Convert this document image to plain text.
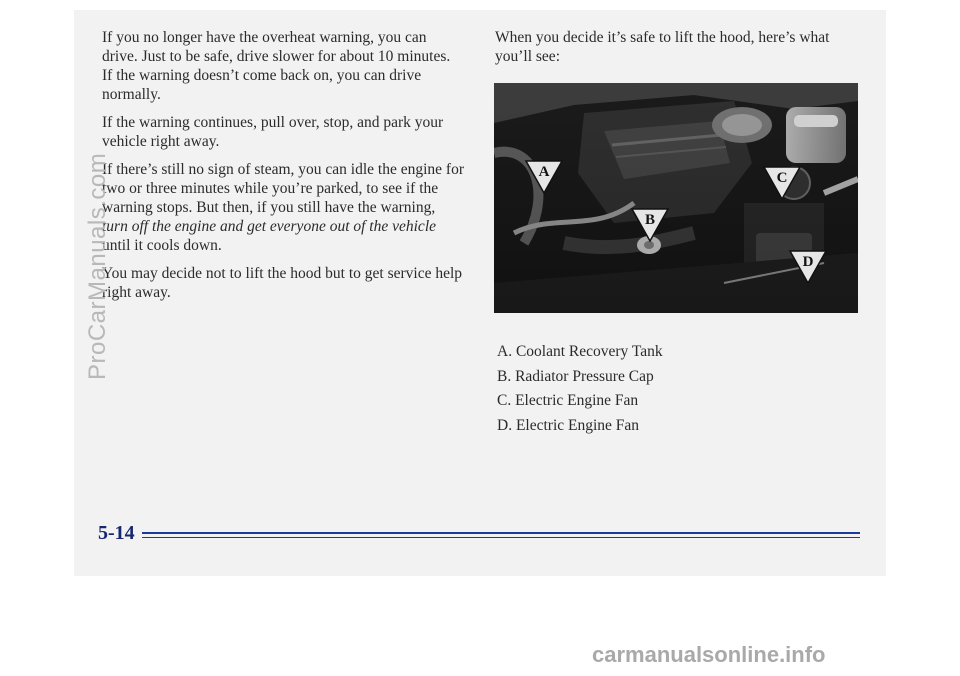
If you no longer have the overheat warning, you can drive. Just to be safe, drive slower for about 10 minutes. If the warning doesn’t come back on, you can drive normally.

If the warning continues, pull over, stop, and park your vehicle right away.

If there’s still no sign of steam, you can idle the engine for two or three minutes while you’re parked, to see if the warning stops. But then, if you still have the warning, turn off the engine and get everyone out of the vehicle until it cools down.

You may decide not to lift the hood but to get service help right away.

When you decide it’s safe to lift the hood, here’s what you’ll see:

A
B
C
D
A. Coolant Recovery Tank
B. Radiator Pressure Cap
C. Electric Engine Fan
D. Electric Engine Fan
5-14
ProCarManuals.com
carmanualsonline.info
